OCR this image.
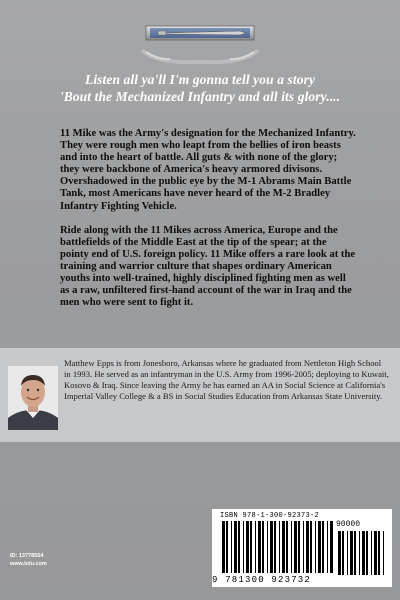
Listen all ya'll I'm gonna tell you a story
'Bout the Mechanized Infantry and all its glory....

11 Mike was the Army's designation for the Mechanized Infantry. They were rough men who leapt from the bellies of iron beasts and into the heart of battle. All guts & with none of the glory; they were backbone of America's heavy armored divisons. Overshadowed in the public eye by the M-1 Abrams Main Battle Tank, most Americans have never heard of the M-2 Bradley Infantry Fighting Vehicle.

Ride along with the 11 Mikes across America, Europe and the battlefields of the Middle East at the tip of the spear; at the pointy end of U.S. foreign policy. 11 Mike offers a rare look at the training and warrior culture that shapes ordinary American youths into well-trained, highly disciplined fighting men as well as a raw, unfiltered first-hand account of the war in Iraq and the men who were sent to fight it.

Matthew Epps is from Jonesboro, Arkansas where he graduated from Nettleton High School in 1993. He served as an infantryman in the U.S. Army from 1996-2005; deploying to Kuwait, Kosovo & Iraq. Since leaving the Army he has earned an AA in Social Science at California's Imperial Valley College & a BS in Social Studies Education from Arkansas State University.
ID: 13778554
www.lulu.com
ISBN 978-1-300-92373-2
90000
9 781300 923732
